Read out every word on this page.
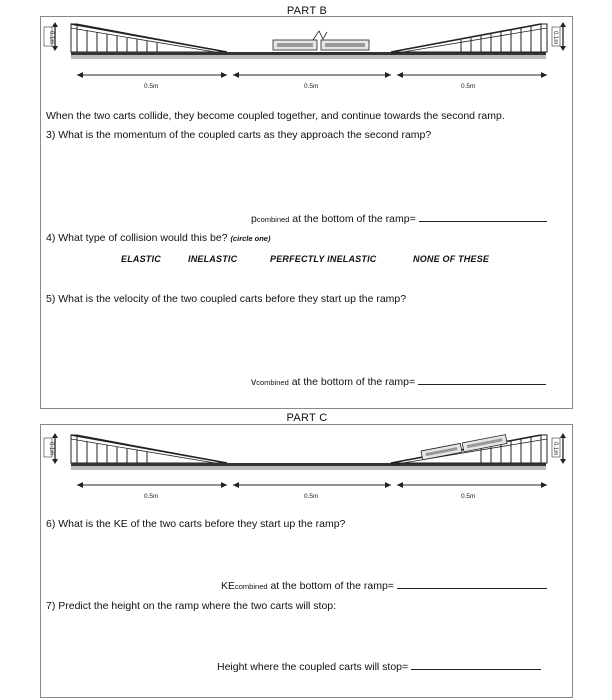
PART B
0.1m	0.1m
0.5m	0.5m	0.5m
When the two carts collide, they become coupled together, and continue towards the second ramp.
3) What is the momentum of the coupled carts as they approach the second ramp?
pcombined at the bottom of the ramp=
4) What type of collision would this be? (circle one)
ELASTIC	INELASTIC	PERFECTLY INELASTIC	NONE OF THESE
5) What is the velocity of the two coupled carts before they start up the ramp?
vcombined at the bottom of the ramp=
PART C
0.1m	0.1m
0.5m	0.5m	0.5m
6) What is the KE of the two carts before they start up the ramp?
KEcombined at the bottom of the ramp=
7) Predict the height on the ramp where the two carts will stop:
Height where the coupled carts will stop=
